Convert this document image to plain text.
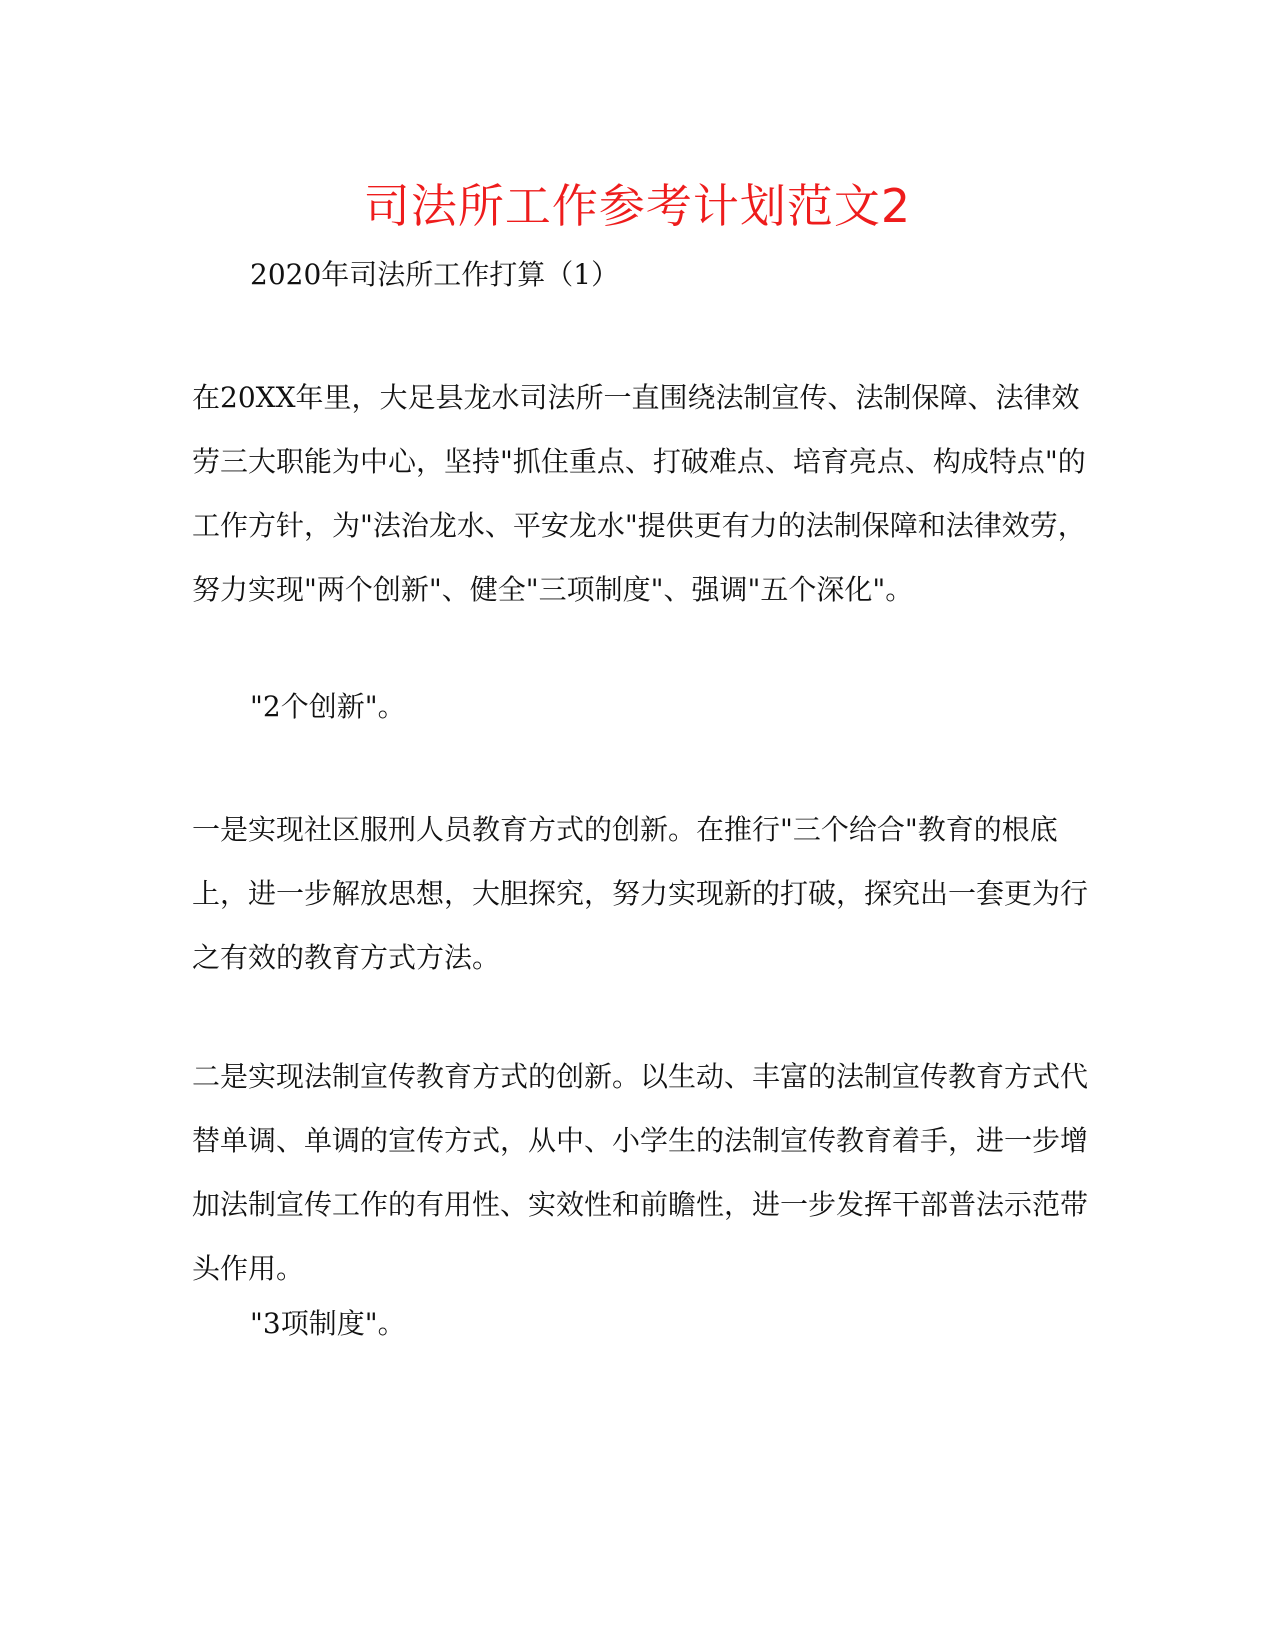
司法所工作参考计划范文2

2020年司法所工作打算（1）

在20XX年里，大足县龙水司法所一直围绕法制宣传、法制保障、法律效劳三大职能为中心，坚持"抓住重点、打破难点、培育亮点、构成特点"的工作方针，为"法治龙水、平安龙水"提供更有力的法制保障和法律效劳，努力实现"两个创新"、健全"三项制度"、强调"五个深化"。

"2个创新"。

一是实现社区服刑人员教育方式的创新。在推行"三个给合"教育的根底上，进一步解放思想，大胆探究，努力实现新的打破，探究出一套更为行之有效的教育方式方法。

二是实现法制宣传教育方式的创新。以生动、丰富的法制宣传教育方式代替单调、单调的宣传方式，从中、小学生的法制宣传教育着手，进一步增加法制宣传工作的有用性、实效性和前瞻性，进一步发挥干部普法示范带头作用。

"3项制度"。
